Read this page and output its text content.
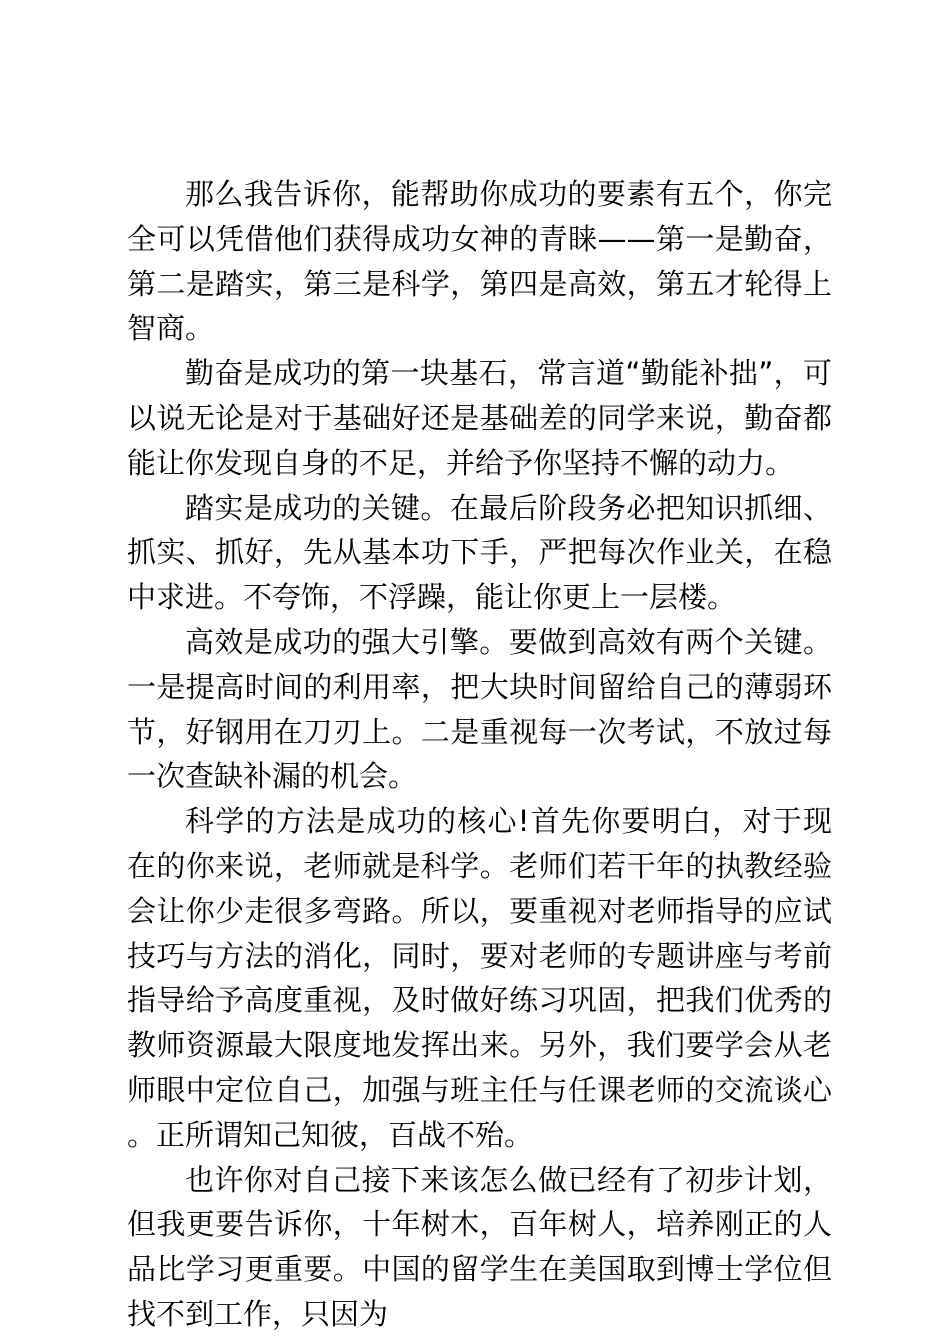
那么我告诉你，能帮助你成功的要素有五个，你完全可以凭借他们获得成功女神的青睐——第一是勤奋，第二是踏实，第三是科学，第四是高效，第五才轮得上智商。

勤奋是成功的第一块基石，常言道“勤能补拙”，可以说无论是对于基础好还是基础差的同学来说，勤奋都能让你发现自身的不足，并给予你坚持不懈的动力。

踏实是成功的关键。在最后阶段务必把知识抓细、抓实、抓好，先从基本功下手，严把每次作业关，在稳中求进。不夸饰，不浮躁，能让你更上一层楼。

高效是成功的强大引擎。要做到高效有两个关键。一是提高时间的利用率，把大块时间留给自己的薄弱环节，好钢用在刀刃上。二是重视每一次考试，不放过每一次查缺补漏的机会。

科学的方法是成功的核心!首先你要明白，对于现在的你来说，老师就是科学。老师们若干年的执教经验会让你少走很多弯路。所以，要重视对老师指导的应试技巧与方法的消化，同时，要对老师的专题讲座与考前指导给予高度重视，及时做好练习巩固，把我们优秀的教师资源最大限度地发挥出来。另外，我们要学会从老师眼中定位自己，加强与班主任与任课老师的交流谈心。正所谓知己知彼，百战不殆。

也许你对自己接下来该怎么做已经有了初步计划，但我更要告诉你，十年树木，百年树人，培养刚正的人品比学习更重要。中国的留学生在美国取到博士学位但找不到工作，只因为
